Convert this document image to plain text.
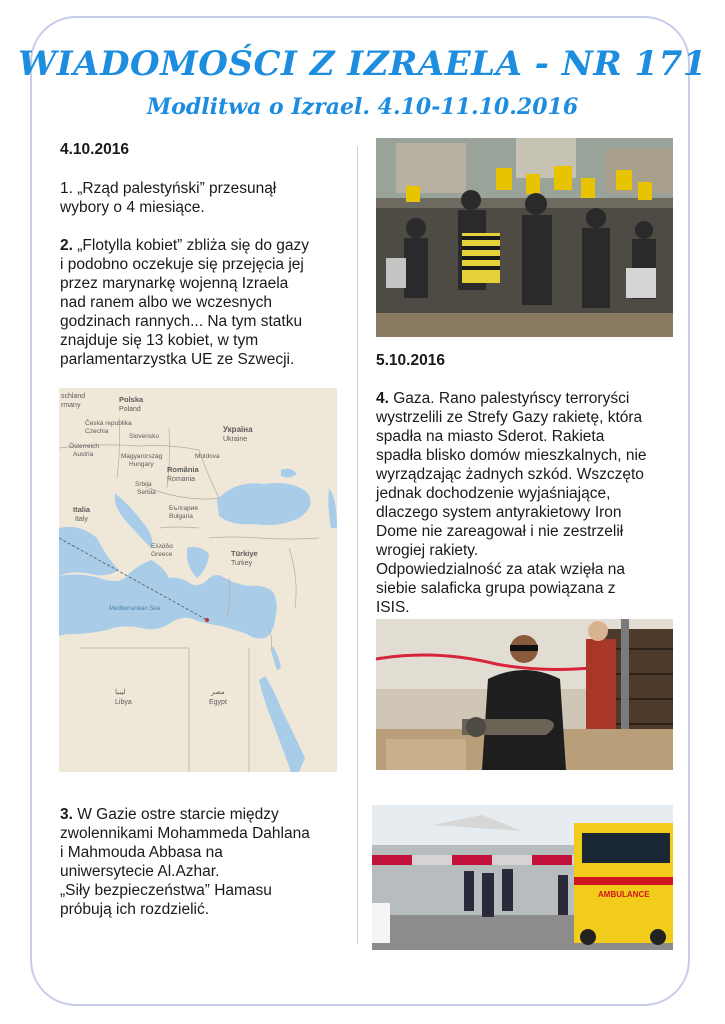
WIADOMOŚCI Z IZRAELA - NR 171
Modlitwa o Izrael. 4.10-11.10.2016
4.10.2016
1. „Rząd palestyński” przesunął
wybory o 4 miesiące.
2. „Flotylla kobiet” zbliża się do gazy
i podobno oczekuje się przejęcia jej
przez marynarkę wojenną Izraela
nad ranem albo we wczesnych
godzinach rannych... Na tym statku
znajduje się 13 kobiet, w tym
parlamentarzystka UE ze Szwecji.
schland
rmany
Polska
Poland
Česká republika
Czechia
Slovensko
Österreich
Austria	Magyarország
Hungary
Україна
Ukraine
Moldova
România
Romania
Srbija
Serbia
България
Bulgaria
Italia
Italy
Ελλάδα
Greece	Türkiye
Turkey
Mediterranean Sea
ليبيا
Libya
مصر
Egypt
3. W Gazie ostre starcie między
zwolennikami Mohammeda Dahlana
i Mahmouda Abbasa na
uniwersytecie Al.Azhar.
„Siły bezpieczeństwa” Hamasu
próbują ich rozdzielić.
5.10.2016
4. Gaza. Rano palestyńscy terroryści
wystrzelili ze Strefy Gazy rakietę, która
spadła na miasto Sderot. Rakieta
spadła blisko domów mieszkalnych, nie
wyrządzając żadnych szkód. Wszczęto
jednak dochodzenie wyjaśniające,
dlaczego system antyrakietowy Iron
Dome nie zareagował i nie zestrzelił
wrogiej rakiety.
Odpowiedzialność za atak wzięła na
siebie salaficka grupa powiązana z
ISIS.
AMBULANCE
